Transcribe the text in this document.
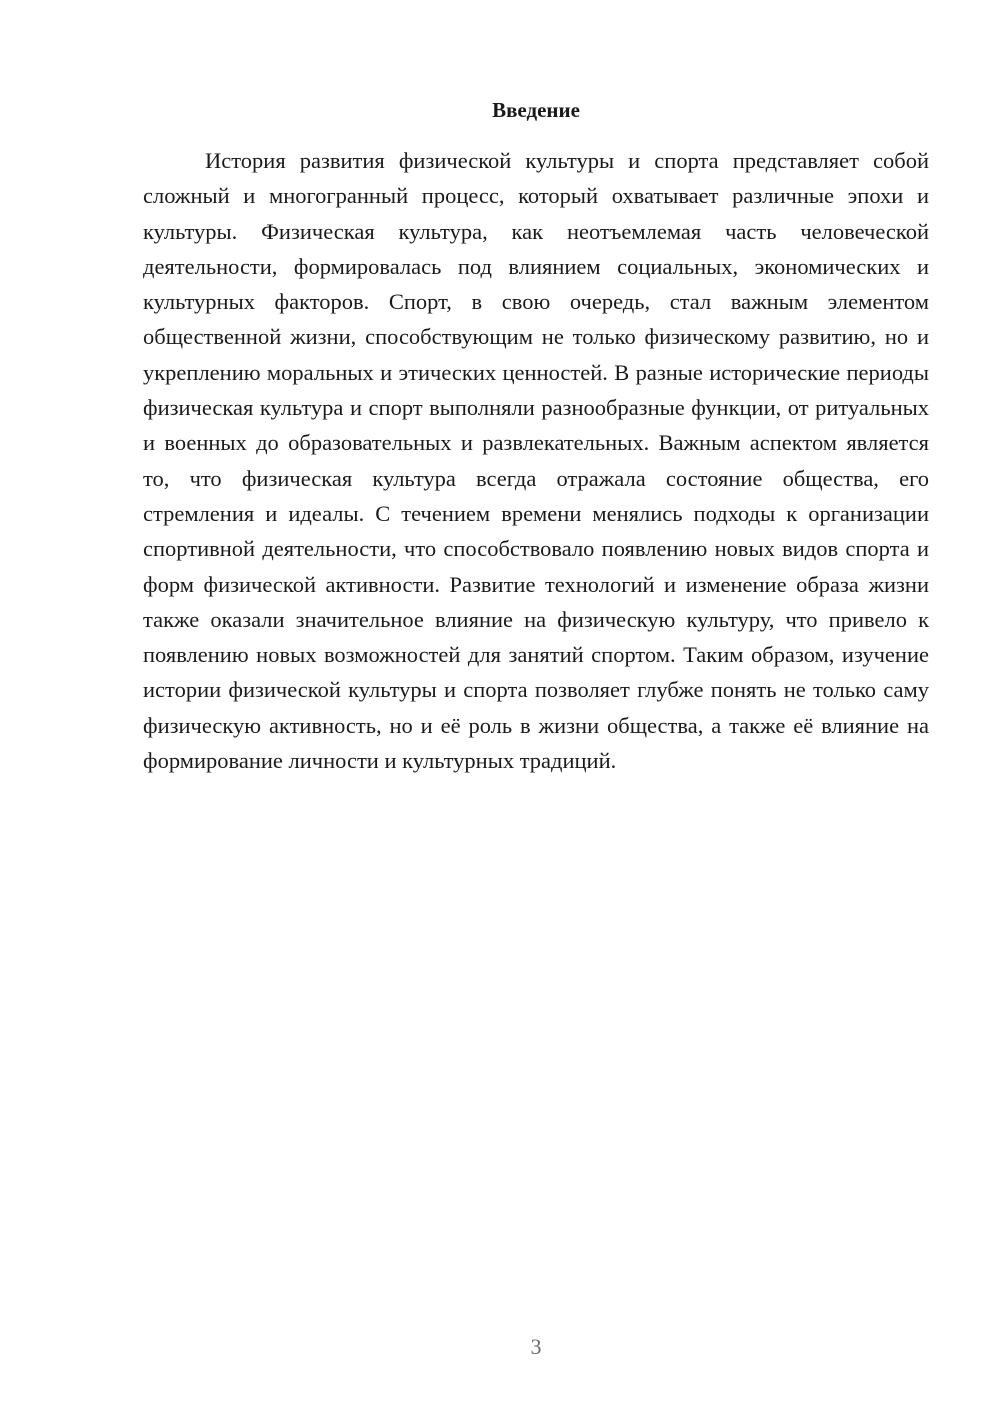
Введение

История развития физической культуры и спорта представляет собой сложный и многогранный процесс, который охватывает различные эпохи и культуры. Физическая культура, как неотъемлемая часть человеческой деятельности, формировалась под влиянием социальных, экономических и культурных факторов. Спорт, в свою очередь, стал важным элементом общественной жизни, способствующим не только физическому развитию, но и укреплению моральных и этических ценностей. В разные исторические периоды физическая культура и спорт выполняли разнообразные функции, от ритуальных и военных до образовательных и развлекательных. Важным аспектом является то, что физическая культура всегда отражала состояние общества, его стремления и идеалы. С течением времени менялись подходы к организации спортивной деятельности, что способствовало появлению новых видов спорта и форм физической активности. Развитие технологий и изменение образа жизни также оказали значительное влияние на физическую культуру, что привело к появлению новых возможностей для занятий спортом. Таким образом, изучение истории физической культуры и спорта позволяет глубже понять не только саму физическую активность, но и её роль в жизни общества, а также её влияние на формирование личности и культурных традиций.

3
